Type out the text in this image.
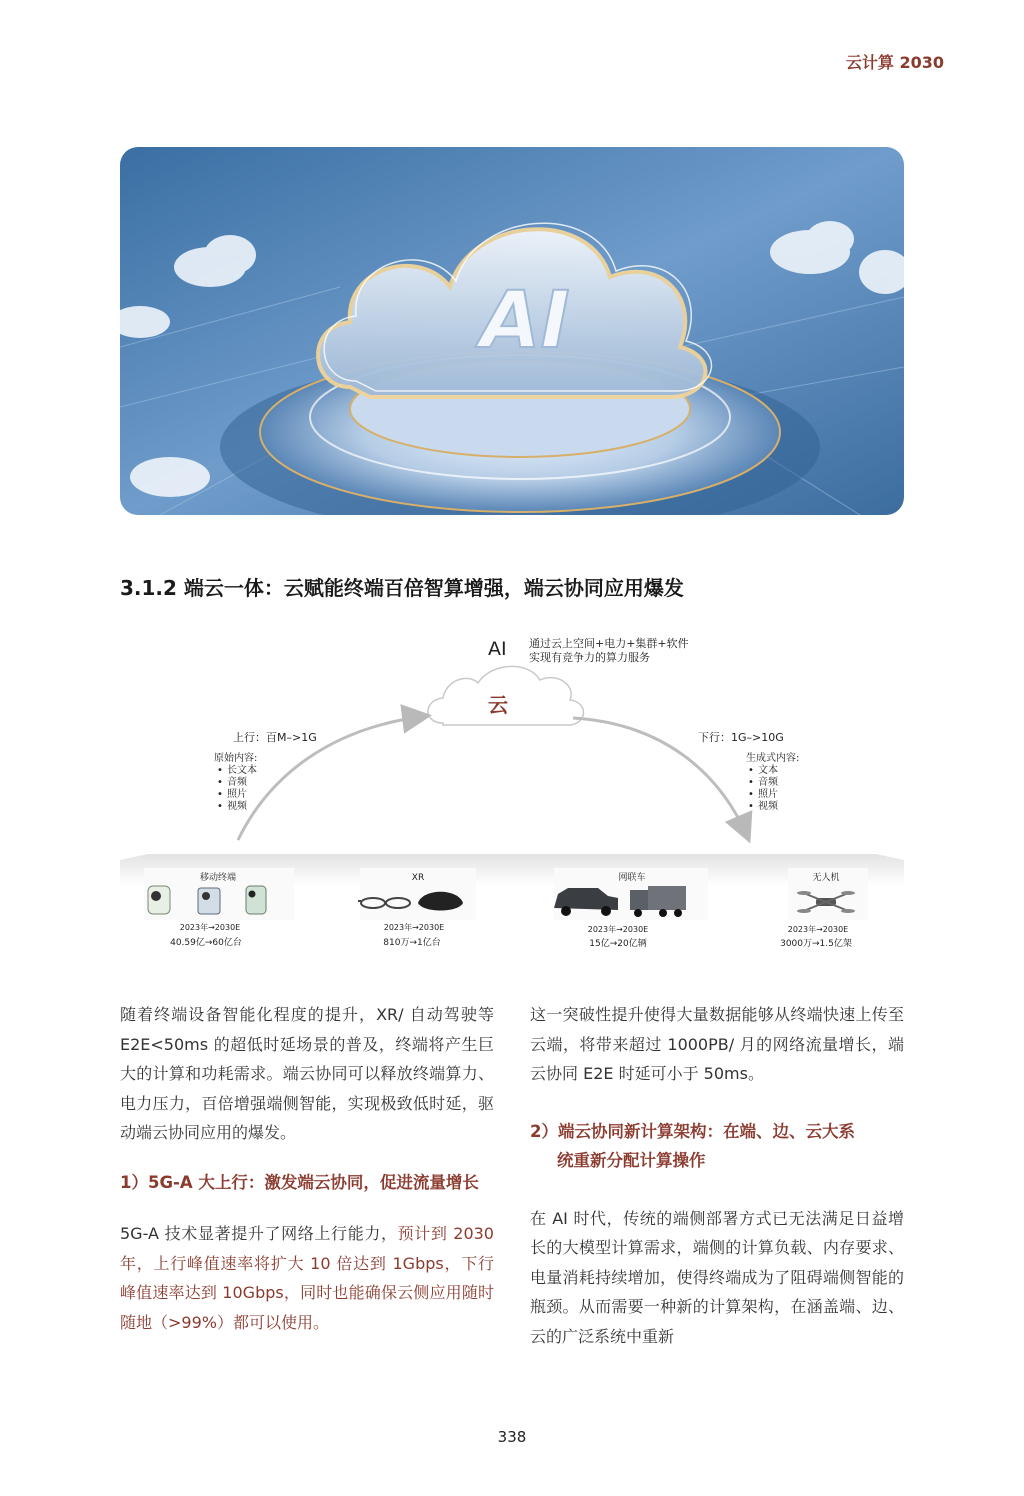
云计算 2030
AI
3.1.2 端云一体：云赋能终端百倍智算增强，端云协同应用爆发
AI 通过云上空间+电力+集群+软件
实现有竞争力的算力服务
云
上行：百M–>1G
原始内容:
• 长文本
• 音频
• 照片
• 视频
下行：1G–>10G
生成式内容:
• 文本
• 音频
• 照片
• 视频
移动终端
2023年→2030E
40.59亿→60亿台
XR
2023年→2030E
810万→1亿台
网联车
2023年→2030E
15亿→20亿辆
无人机
2023年→2030E
3000万→1.5亿架

随着终端设备智能化程度的提升，XR/ 自动驾驶等 E2E<50ms 的超低时延场景的普及，终端将产生巨大的计算和功耗需求。端云协同可以释放终端算力、电力压力，百倍增强端侧智能，实现极致低时延，驱动端云协同应用的爆发。

1）5G-A 大上行：激发端云协同，促进流量增长

5G-A 技术显著提升了网络上行能力，预计到 2030 年，上行峰值速率将扩大 10 倍达到 1Gbps，下行峰值速率达到 10Gbps，同时也能确保云侧应用随时随地（>99%）都可以使用。

这一突破性提升使得大量数据能够从终端快速上传至云端，将带来超过 1000PB/ 月的网络流量增长，端云协同 E2E 时延可小于 50ms。

2）端云协同新计算架构：在端、边、云大系
统重新分配计算操作

在 AI 时代，传统的端侧部署方式已无法满足日益增长的大模型计算需求，端侧的计算负载、内存要求、电量消耗持续增加，使得终端成为了阻碍端侧智能的瓶颈。从而需要一种新的计算架构，在涵盖端、边、云的广泛系统中重新

338
